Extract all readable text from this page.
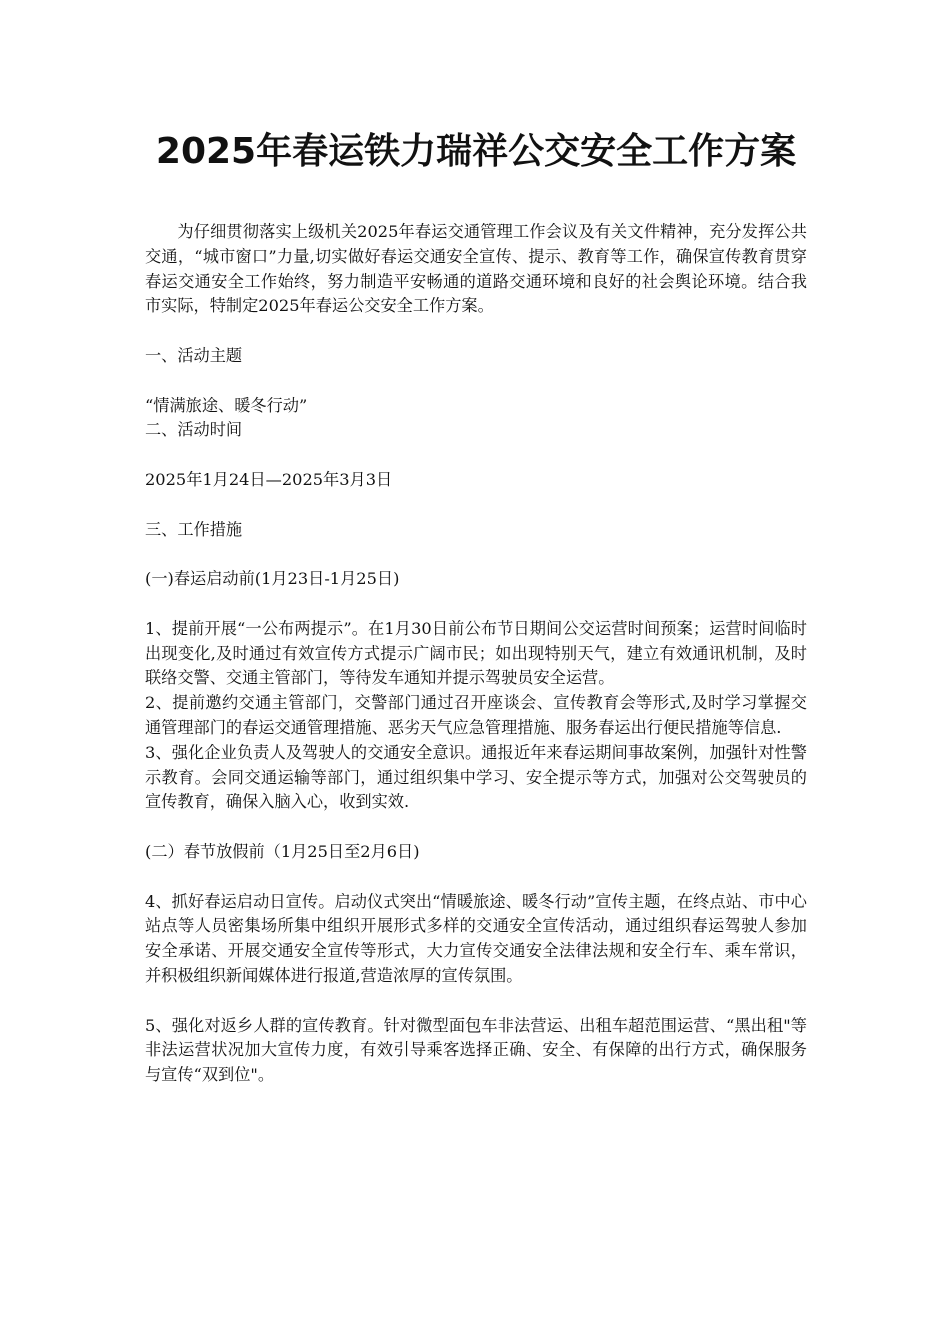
2025年春运铁力瑞祥公交安全工作方案

为仔细贯彻落实上级机关2025年春运交通管理工作会议及有关文件精神，充分发挥公共交通，“城市窗口”力量,切实做好春运交通安全宣传、提示、教育等工作，确保宣传教育贯穿春运交通安全工作始终，努力制造平安畅通的道路交通环境和良好的社会舆论环境。结合我市实际，特制定2025年春运公交安全工作方案。

一、活动主题

“情满旅途、暖冬行动”

二、活动时间

2025年1月24日—2025年3月3日

三、工作措施

(一)春运启动前(1月23日-1月25日)

1、提前开展“一公布两提示”。在1月30日前公布节日期间公交运营时间预案；运营时间临时出现变化,及时通过有效宣传方式提示广阔市民；如出现特别天气，建立有效通讯机制，及时联络交警、交通主管部门，等待发车通知并提示驾驶员安全运营。

2、提前邀约交通主管部门，交警部门通过召开座谈会、宣传教育会等形式,及时学习掌握交通管理部门的春运交通管理措施、恶劣天气应急管理措施、服务春运出行便民措施等信息.

3、强化企业负责人及驾驶人的交通安全意识。通报近年来春运期间事故案例，加强针对性警示教育。会同交通运输等部门，通过组织集中学习、安全提示等方式，加强对公交驾驶员的宣传教育，确保入脑入心，收到实效.

(二）春节放假前（1月25日至2月6日)

4、抓好春运启动日宣传。启动仪式突出“情暖旅途、暖冬行动”宣传主题，在终点站、市中心站点等人员密集场所集中组织开展形式多样的交通安全宣传活动，通过组织春运驾驶人参加安全承诺、开展交通安全宣传等形式，大力宣传交通安全法律法规和安全行车、乘车常识，并积极组织新闻媒体进行报道,营造浓厚的宣传氛围。

5、强化对返乡人群的宣传教育。针对微型面包车非法营运、出租车超范围运营、“黑出租"等非法运营状况加大宣传力度，有效引导乘客选择正确、安全、有保障的出行方式，确保服务与宣传“双到位"。
